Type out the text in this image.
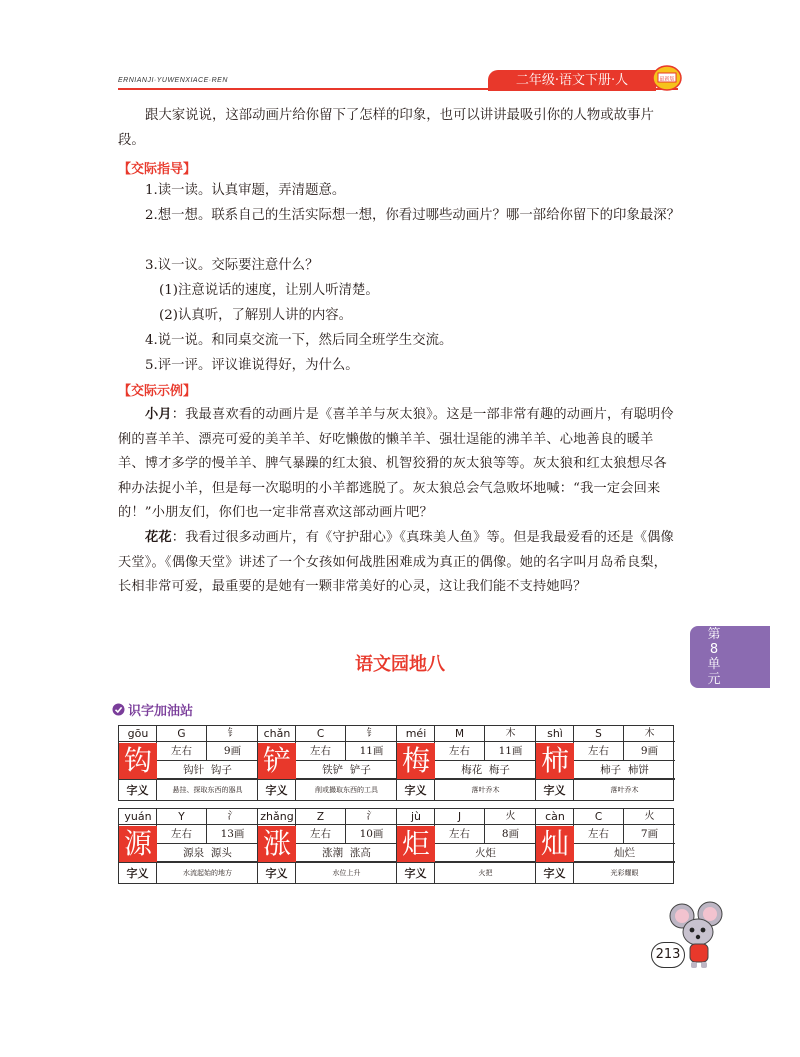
ERNIANJI·YUWENXIACE·REN	二年级·语文下册·人	最新版

跟大家说说，这部动画片给你留下了怎样的印象，也可以讲讲最吸引你的人物或故事片段。

【交际指导】

1.读一读。认真审题，弄清题意。

2.想一想。联系自己的生活实际想一想，你看过哪些动画片？哪一部给你留下的印象最深？

3.议一议。交际要注意什么？

(1)注意说话的速度，让别人听清楚。

(2)认真听，了解别人讲的内容。

4.说一说。和同桌交流一下，然后同全班学生交流。

5.评一评。评议谁说得好，为什么。

【交际示例】

小月：我最喜欢看的动画片是《喜羊羊与灰太狼》。这是一部非常有趣的动画片，有聪明伶俐的喜羊羊、漂亮可爱的美羊羊、好吃懒傲的懒羊羊、强壮逞能的沸羊羊、心地善良的暖羊羊、博才多学的慢羊羊、脾气暴躁的红太狼、机智狡猾的灰太狼等等。灰太狼和红太狼想尽各种办法捉小羊，但是每一次聪明的小羊都逃脱了。灰太狼总会气急败坏地喊：“我一定会回来的！”小朋友们，你们也一定非常喜欢这部动画片吧？

花花：我看过很多动画片，有《守护甜心》《真珠美人鱼》等。但是我最爱看的还是《偶像天堂》。《偶像天堂》讲述了一个女孩如何战胜困难成为真正的偶像。她的名字叫月岛希良梨，长相非常可爱，最重要的是她有一颗非常美好的心灵，这让我们能不支持她吗？

第
8
单
元
语文园地八
识字加油站
gōu
钩
G	钅
左右	9画
钩针 钩子
字义	悬挂、探取东西的器具
chǎn
铲
C	钅
左右	11画
铁铲 铲子
字义	削或撮取东西的工具
méi
梅
M	木
左右	11画
梅花 梅子
字义	落叶乔木
shì
柿
S	木
左右	9画
柿子 柿饼
字义	落叶乔木
yuán
源
Y	氵
左右	13画
源泉 源头
字义	水流起始的地方
zhǎng
涨
Z	氵
左右	10画
涨潮 涨高
字义	水位上升
jù
炬
J	火
左右	8画
火炬
字义	火把
càn
灿
C	火
左右	7画
灿烂
字义	光彩耀眼
213
